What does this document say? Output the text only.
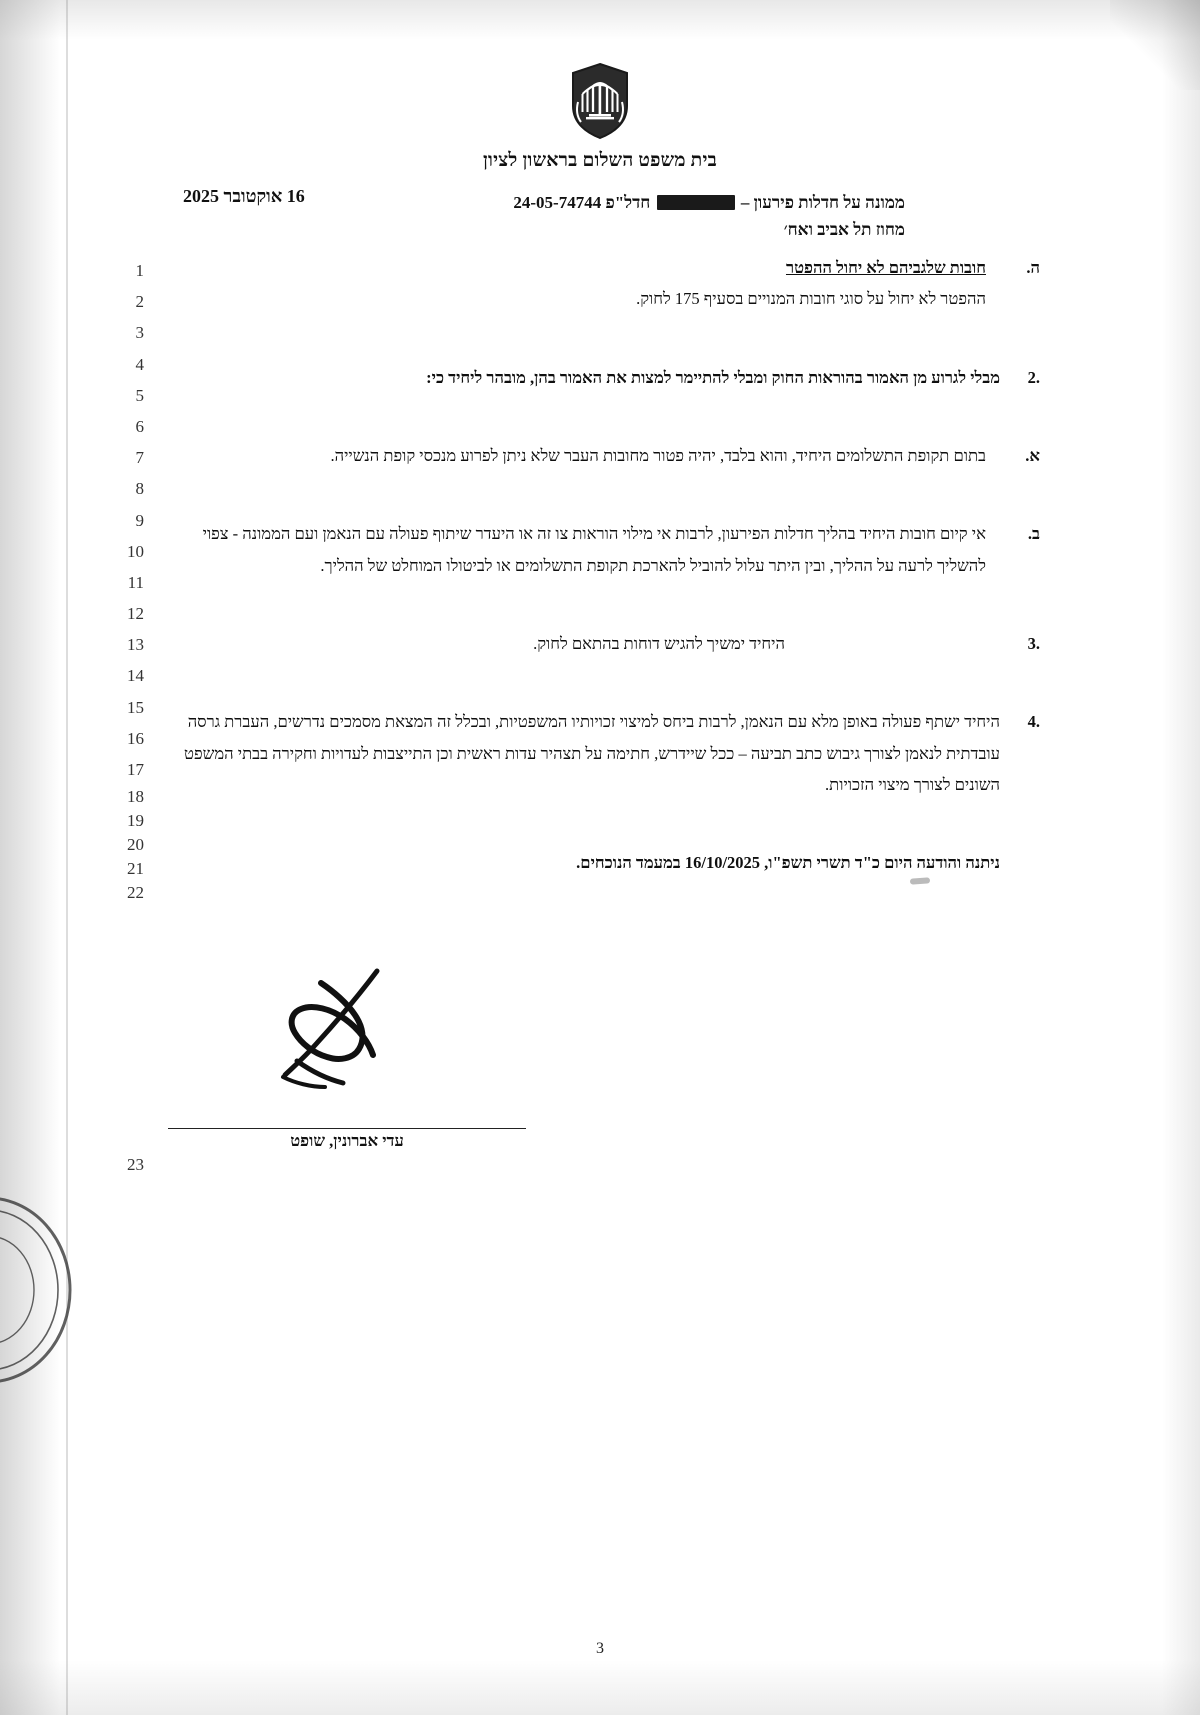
בית משפט השלום בראשון לציון
ממונה על חדלות פירעון –  חדל"פ 24-05-74744
מחוז תל אביב ואח׳
16 אוקטובר 2025
1
2
3
4
5
6
7
8
9
10
11
12
13
14
15
16
17
18
19
20
21
22
23
ה.
חובות שלגביהם לא יחול ההפטר
ההפטר לא יחול על סוגי חובות המנויים בסעיף 175 לחוק.
.2
מבלי לגרוע מן האמור בהוראות החוק ומבלי להתיימר למצות את האמור בהן, מובהר ליחיד כי:
א.
בתום תקופת התשלומים היחיד, והוא בלבד, יהיה פטור מחובות העבר שלא ניתן לפרוע מנכסי קופת הנשייה.
ב.
אי קיום חובות היחיד בהליך חדלות הפירעון, לרבות אי מילוי הוראות צו זה או היעדר שיתוף פעולה עם הנאמן ועם הממונה - צפוי להשליך לרעה על ההליך, ובין היתר עלול להוביל להארכת תקופת התשלומים או לביטולו המוחלט של ההליך.
.3
היחיד ימשיך להגיש דוחות בהתאם לחוק.
.4
היחיד ישתף פעולה באופן מלא עם הנאמן, לרבות ביחס למיצוי זכויותיו המשפטיות, ובכלל זה המצאת מסמכים נדרשים, העברת גרסה עובדתית לנאמן לצורך גיבוש כתב תביעה – ככל שיידרש, חתימה על תצהיר עדות ראשית וכן התייצבות לעדויות וחקירה בבתי המשפט השונים לצורך מיצוי הזכויות.
ניתנה והודעה היום כ"ד תשרי תשפ"ו, 16/10/2025 במעמד הנוכחים.
עדי אברונין, שופט
3
